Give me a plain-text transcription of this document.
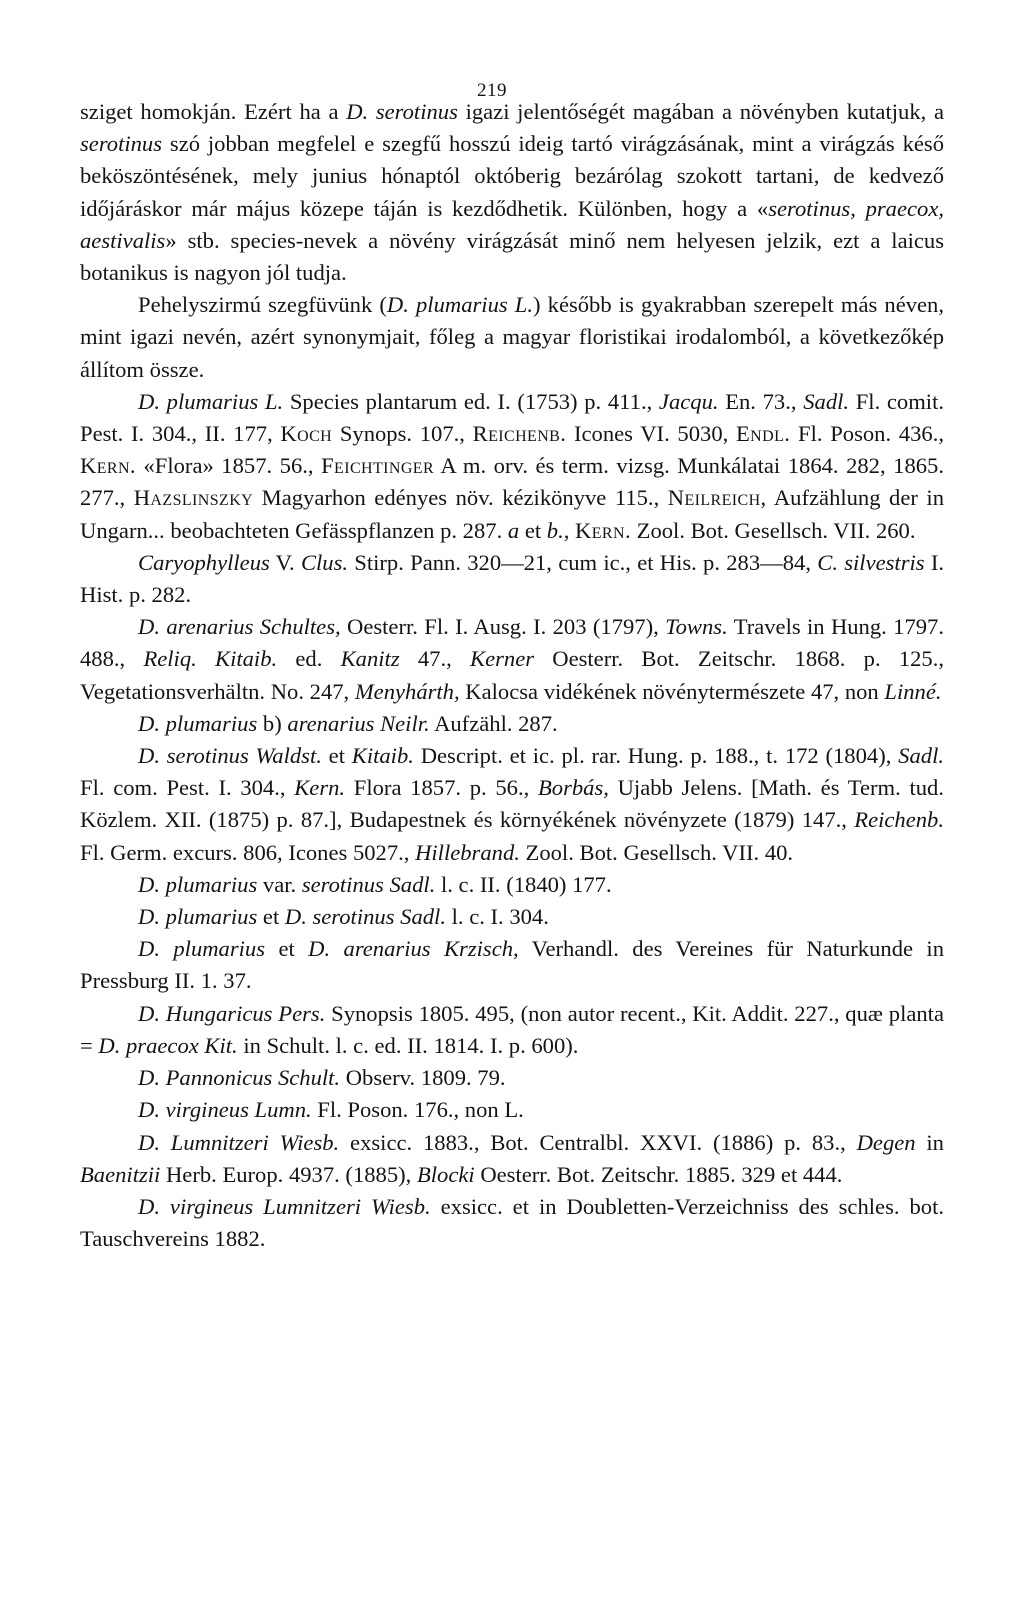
219

sziget homokján. Ezért ha a D. serotinus igazi jelentőségét magában a növényben kutatjuk, a serotinus szó jobban megfelel e szegfű hosszú ideig tartó virágzásának, mint a virágzás késő beköszöntésének, mely junius hónaptól októberig bezárólag szokott tartani, de kedvező időjáráskor már május közepe táján is kezdődhetik. Különben, hogy a «serotinus, praecox, aestivalis» stb. species-nevek a növény virágzását minő nem helyesen jelzik, ezt a laicus botanikus is nagyon jól tudja.

Pehelyszirmú szegfüvünk (D. plumarius L.) később is gyakrabban szerepelt más néven, mint igazi nevén, azért synonymjait, főleg a magyar floristikai irodalomból, a következőkép állítom össze.

D. plumarius L. Species plantarum ed. I. (1753) p. 411., Jacqu. En. 73., Sadl. Fl. comit. Pest. I. 304., II. 177, Koch Synops. 107., Reichenb. Icones VI. 5030, Endl. Fl. Poson. 436., Kern. «Flora» 1857. 56., Feichtinger A m. orv. és term. vizsg. Munkálatai 1864. 282, 1865. 277., Hazslinszky Magyarhon edényes növ. kézikönyve 115., Neilreich, Aufzählung der in Ungarn... beobachteten Gefässpflanzen p. 287. a et b., Kern. Zool. Bot. Gesellsch. VII. 260.

Caryophylleus V. Clus. Stirp. Pann. 320—21, cum ic., et His. p. 283—84, C. silvestris I. Hist. p. 282.

D. arenarius Schultes, Oesterr. Fl. I. Ausg. I. 203 (1797), Towns. Travels in Hung. 1797. 488., Reliq. Kitaib. ed. Kanitz 47., Kerner Oesterr. Bot. Zeitschr. 1868. p. 125., Vegetationsverhältn. No. 247, Menyhárth, Kalocsa vidékének növénytermészete 47, non Linné.

D. plumarius b) arenarius Neilr. Aufzähl. 287.

D. serotinus Waldst. et Kitaib. Descript. et ic. pl. rar. Hung. p. 188., t. 172 (1804), Sadl. Fl. com. Pest. I. 304., Kern. Flora 1857. p. 56., Borbás, Ujabb Jelens. [Math. és Term. tud. Közlem. XII. (1875) p. 87.], Budapestnek és környékének növényzete (1879) 147., Reichenb. Fl. Germ. excurs. 806, Icones 5027., Hillebrand. Zool. Bot. Gesellsch. VII. 40.

D. plumarius var. serotinus Sadl. l. c. II. (1840) 177.

D. plumarius et D. serotinus Sadl. l. c. I. 304.

D. plumarius et D. arenarius Krzisch, Verhandl. des Vereines für Naturkunde in Pressburg II. 1. 37.

D. Hungaricus Pers. Synopsis 1805. 495, (non autor recent., Kit. Addit. 227., quæ planta = D. praecox Kit. in Schult. l. c. ed. II. 1814. I. p. 600).

D. Pannonicus Schult. Observ. 1809. 79.

D. virgineus Lumn. Fl. Poson. 176., non L.

D. Lumnitzeri Wiesb. exsicc. 1883., Bot. Centralbl. XXVI. (1886) p. 83., Degen in Baenitzii Herb. Europ. 4937. (1885), Blocki Oesterr. Bot. Zeitschr. 1885. 329 et 444.

D. virgineus Lumnitzeri Wiesb. exsicc. et in Doubletten-Verzeichniss des schles. bot. Tauschvereins 1882.
